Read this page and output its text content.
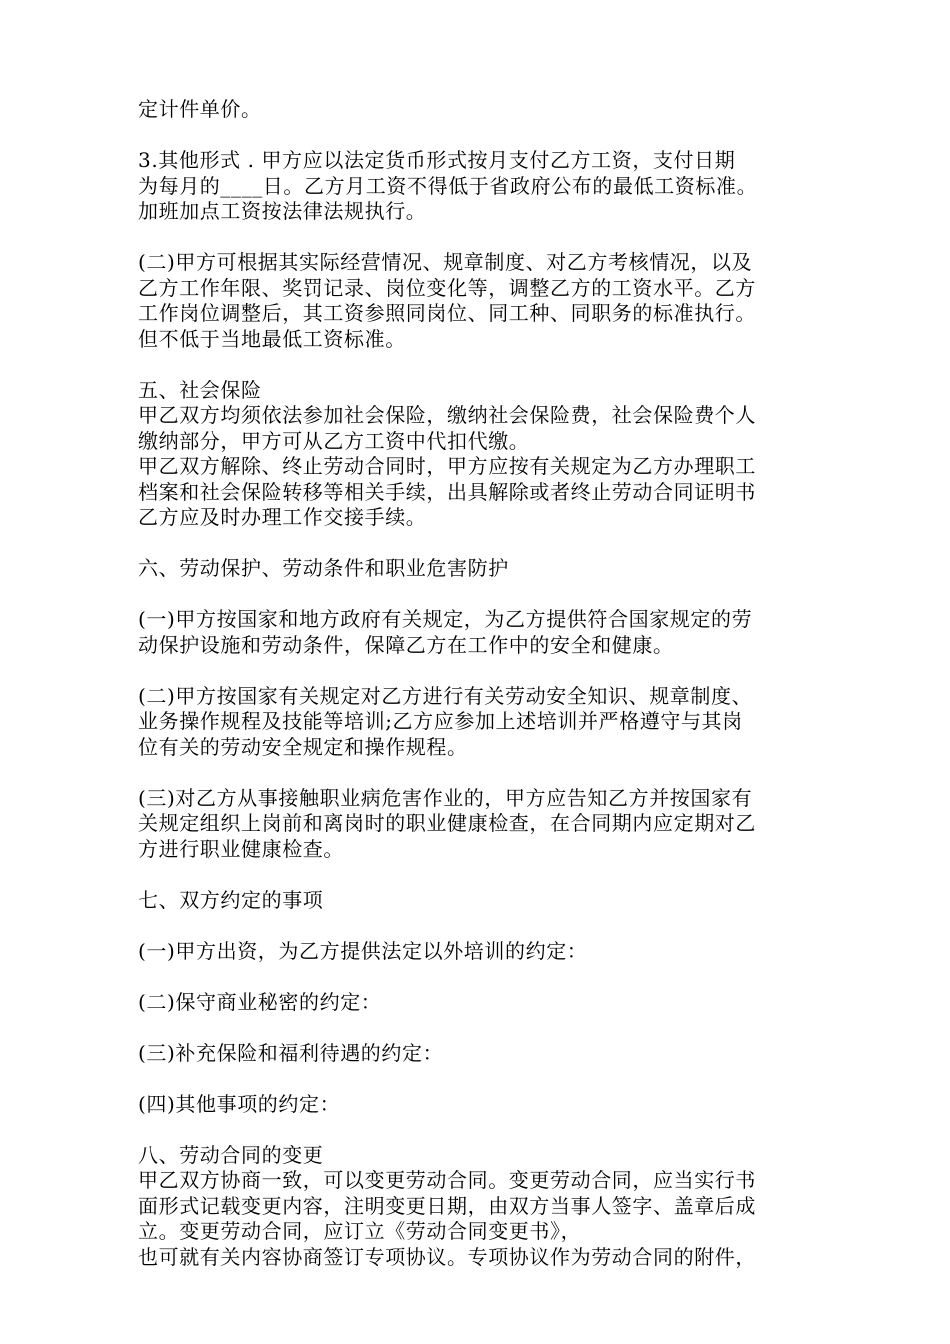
定计件单价。
3.其他形式 . 甲方应以法定货币形式按月支付乙方工资，支付日期
为每月的____日。乙方月工资不得低于省政府公布的最低工资标准。
加班加点工资按法律法规执行。
(二)甲方可根据其实际经营情况、规章制度、对乙方考核情况，以及
乙方工作年限、奖罚记录、岗位变化等，调整乙方的工资水平。乙方
工作岗位调整后，其工资参照同岗位、同工种、同职务的标准执行。
但不低于当地最低工资标准。
五、社会保险
甲乙双方均须依法参加社会保险，缴纳社会保险费，社会保险费个人
缴纳部分，甲方可从乙方工资中代扣代缴。
甲乙双方解除、终止劳动合同时，甲方应按有关规定为乙方办理职工
档案和社会保险转移等相关手续，出具解除或者终止劳动合同证明书
乙方应及时办理工作交接手续。
六、劳动保护、劳动条件和职业危害防护
(一)甲方按国家和地方政府有关规定，为乙方提供符合国家规定的劳
动保护设施和劳动条件，保障乙方在工作中的安全和健康。
(二)甲方按国家有关规定对乙方进行有关劳动安全知识、规章制度、
业务操作规程及技能等培训;乙方应参加上述培训并严格遵守与其岗
位有关的劳动安全规定和操作规程。
(三)对乙方从事接触职业病危害作业的，甲方应告知乙方并按国家有
关规定组织上岗前和离岗时的职业健康检查，在合同期内应定期对乙
方进行职业健康检查。
七、双方约定的事项
(一)甲方出资，为乙方提供法定以外培训的约定：
(二)保守商业秘密的约定：
(三)补充保险和福利待遇的约定：
(四)其他事项的约定：
八、劳动合同的变更
甲乙双方协商一致，可以变更劳动合同。变更劳动合同，应当实行书
面形式记载变更内容，注明变更日期，由双方当事人签字、盖章后成
立。变更劳动合同，应订立《劳动合同变更书》，
也可就有关内容协商签订专项协议。专项协议作为劳动合同的附件，
